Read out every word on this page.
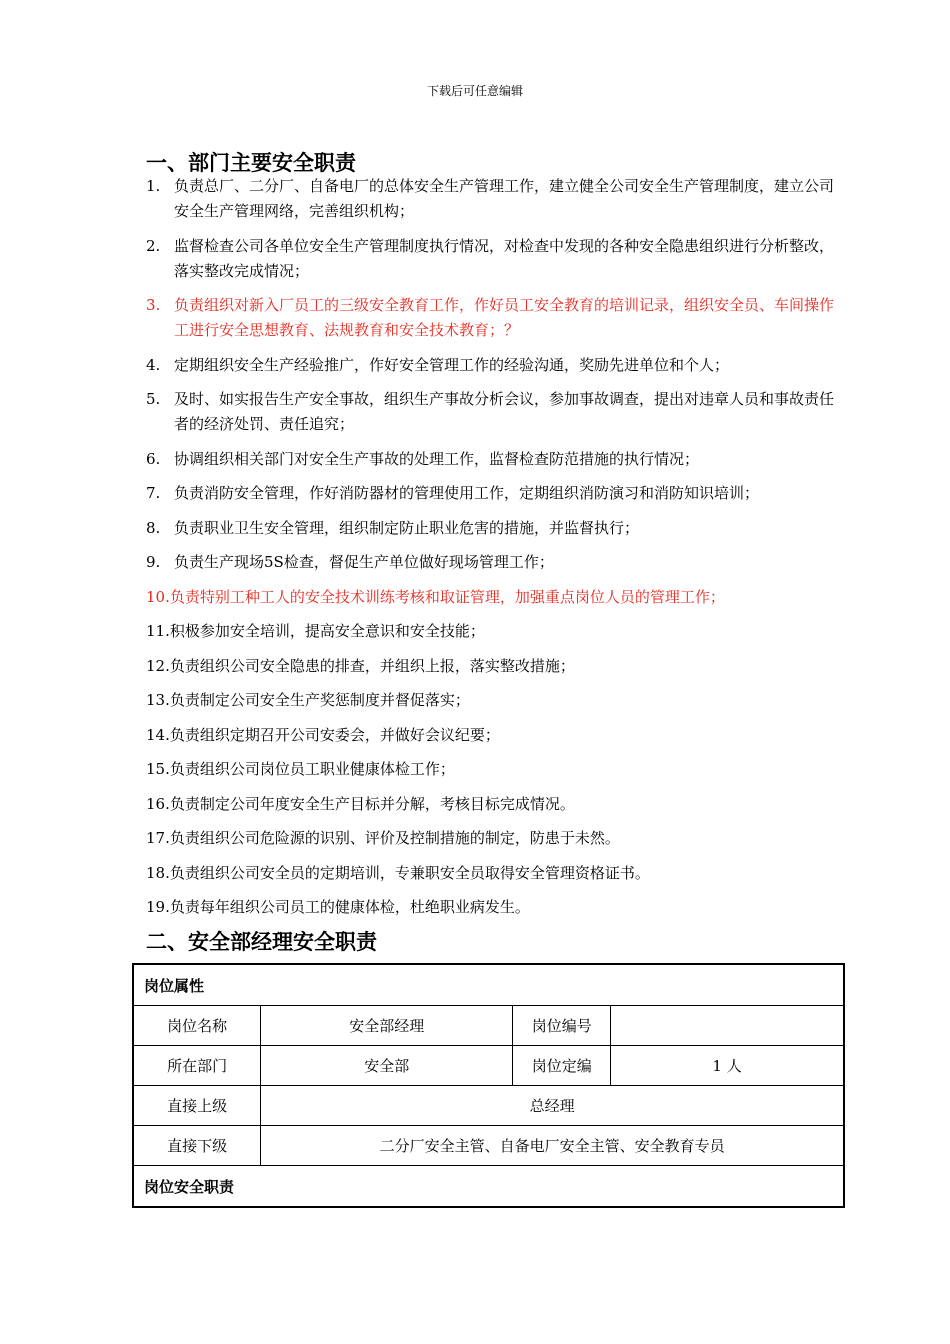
下载后可任意编辑
一、部门主要安全职责
1. 负责总厂、二分厂、自备电厂的总体安全生产管理工作，建立健全公司安全生产管理制度，建立公司安全生产管理网络，完善组织机构；
2. 监督检查公司各单位安全生产管理制度执行情况，对检查中发现的各种安全隐患组织进行分析整改，落实整改完成情况；
3. 负责组织对新入厂员工的三级安全教育工作，作好员工安全教育的培训记录，组织安全员、车间操作工进行安全思想教育、法规教育和安全技术教育；？
4. 定期组织安全生产经验推广，作好安全管理工作的经验沟通，奖励先进单位和个人；
5. 及时、如实报告生产安全事故，组织生产事故分析会议，参加事故调查，提出对违章人员和事故责任者的经济处罚、责任追究；
6. 协调组织相关部门对安全生产事故的处理工作，监督检查防范措施的执行情况；
7. 负责消防安全管理，作好消防器材的管理使用工作，定期组织消防演习和消防知识培训；
8. 负责职业卫生安全管理，组织制定防止职业危害的措施，并监督执行；
9. 负责生产现场5S检查，督促生产单位做好现场管理工作；
10.负责特别工种工人的安全技术训练考核和取证管理，加强重点岗位人员的管理工作；
11.积极参加安全培训，提高安全意识和安全技能；
12.负责组织公司安全隐患的排查，并组织上报，落实整改措施；
13.负责制定公司安全生产奖惩制度并督促落实；
14.负责组织定期召开公司安委会，并做好会议纪要；
15.负责组织公司岗位员工职业健康体检工作；
16.负责制定公司年度安全生产目标并分解，考核目标完成情况。
17.负责组织公司危险源的识别、评价及控制措施的制定，防患于未然。
18.负责组织公司安全员的定期培训，专兼职安全员取得安全管理资格证书。
19.负责每年组织公司员工的健康体检，杜绝职业病发生。
二、安全部经理安全职责
岗位属性			
岗位名称	安全部经理	岗位编号	
所在部门	安全部	岗位定编	1 人
直接上级	总经理		
直接下级	二分厂安全主管、自备电厂安全主管、安全教育专员		
岗位安全职责			
